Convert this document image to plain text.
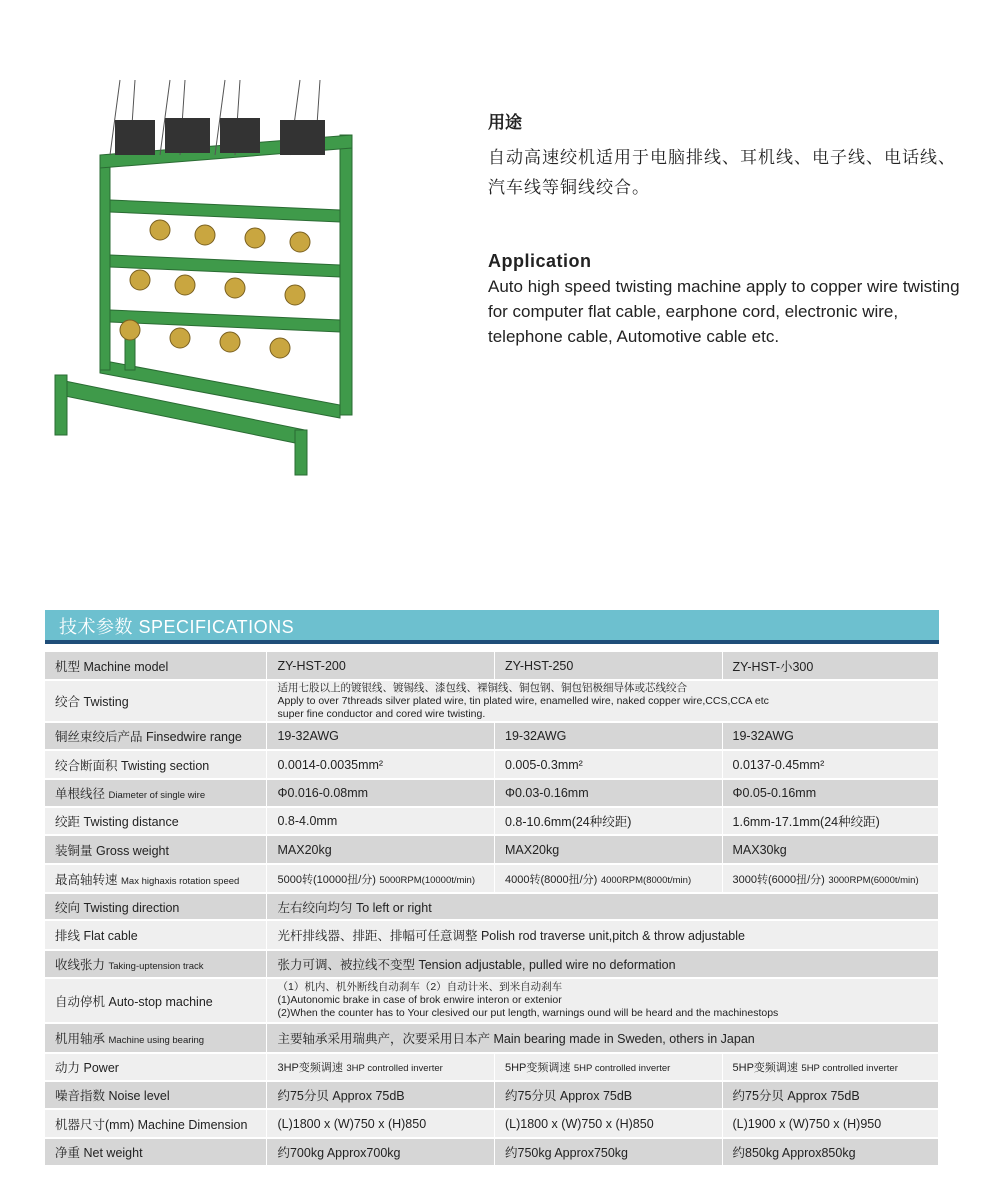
用途

自动高速绞机适用于电脑排线、耳机线、电子线、电话线、汽车线等铜线绞合。

Application

Auto high speed twisting machine apply to copper wire twisting for computer flat cable, earphone cord, electronic wire, telephone cable, Automotive cable etc.

技术参数 SPECIFICATIONS
机型 Machine model	ZY-HST-200	ZY-HST-250	ZY-HST-小300
绞合 Twisting	适用七股以上的镀银线、镀锡线、漆包线、裸铜线、铜包钢、铜包铝极细导体或芯线绞合
Apply to over 7threads silver plated wire, tin plated wire, enamelled wire, naked copper wire,CCS,CCA etc
super fine conductor and cored wire twisting.		

铜丝束绞后产品 Finsedwire range	19-32AWG	19-32AWG	19-32AWG
绞合断面积 Twisting section	0.0014-0.0035mm²	0.005-0.3mm²	0.0137-0.45mm²
单根线径 Diameter of single wire	Φ0.016-0.08mm	Φ0.03-0.16mm	Φ0.05-0.16mm
绞距 Twisting distance	0.8-4.0mm	0.8-10.6mm(24种绞距)	1.6mm-17.1mm(24种绞距)
装铜量 Gross weight	MAX20kg	MAX20kg	MAX30kg
最高轴转速 Max highaxis rotation speed	5000转(10000扭/分) 5000RPM(10000t/min)	4000转(8000扭/分) 4000RPM(8000t/min)	3000转(6000扭/分) 3000RPM(6000t/min)
绞向 Twisting direction	左右绞向均匀 To left or right		

排线 Flat cable	光杆排线器、排距、排幅可任意调整 Polish rod traverse unit,pitch & throw adjustable		

收线张力 Taking-uptension track	张力可调、被拉线不变型 Tension adjustable, pulled wire no deformation		

自动停机 Auto-stop machine	（1）机内、机外断线自动刹车（2）自动计米、到米自动刹车
(1)Autonomic brake in case of brok enwire interon or extenior
(2)When the counter has to Your clesived our put length, warnings ound will be heard and the machinestops		

机用轴承 Machine using bearing	主要轴承采用瑞典产，次要采用日本产 Main bearing made in Sweden, others in Japan		

动力 Power	3HP变频调速 3HP controlled inverter	5HP变频调速 5HP controlled inverter	5HP变频调速 5HP controlled inverter
噪音指数 Noise level	约75分贝 Approx 75dB	约75分贝 Approx 75dB	约75分贝 Approx 75dB
机器尺寸(mm) Machine Dimension	(L)1800 x (W)750 x (H)850	(L)1800 x (W)750 x (H)850	(L)1900 x (W)750 x (H)950
净重 Net weight	约700kg Approx700kg	约750kg Approx750kg	约850kg Approx850kg
